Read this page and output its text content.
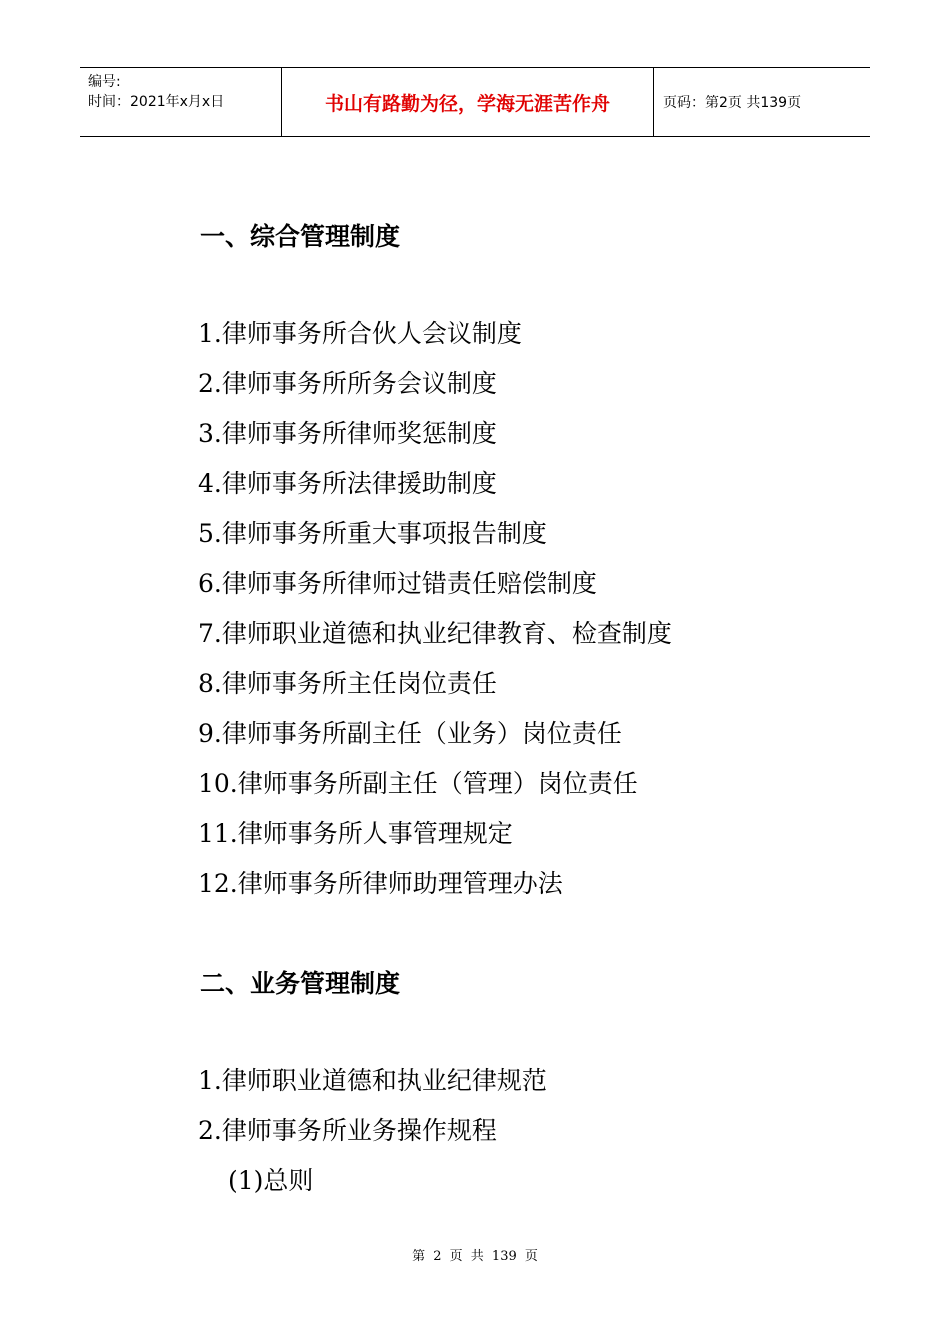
编号:
时间：2021年x月x日	书山有路勤为径，学海无涯苦作舟	页码：第2页 共139页
一、综合管理制度
1.律师事务所合伙人会议制度
2.律师事务所所务会议制度
3.律师事务所律师奖惩制度
4.律师事务所法律援助制度
5.律师事务所重大事项报告制度
6.律师事务所律师过错责任赔偿制度
7.律师职业道德和执业纪律教育、检查制度
8.律师事务所主任岗位责任
9.律师事务所副主任（业务）岗位责任
10.律师事务所副主任（管理）岗位责任
11.律师事务所人事管理规定
12.律师事务所律师助理管理办法
二、业务管理制度
1.律师职业道德和执业纪律规范
2.律师事务所业务操作规程
(1)总则
第 2 页 共 139 页
